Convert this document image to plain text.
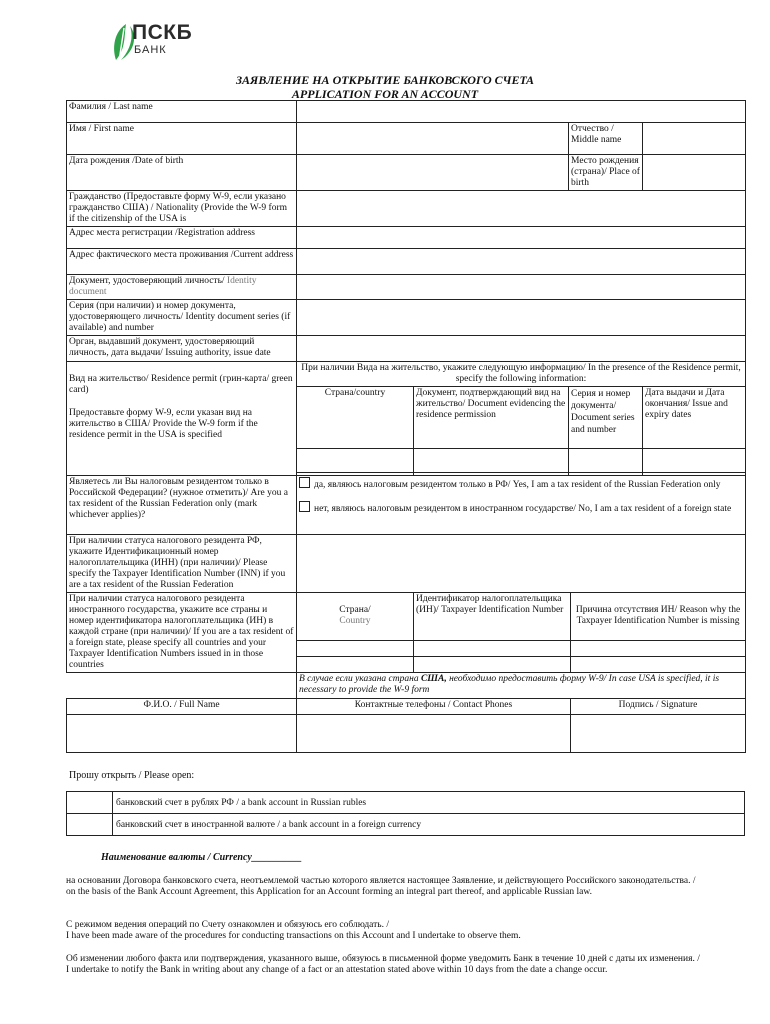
ПСКБ
БАНК
ЗАЯВЛЕНИЕ НА ОТКРЫТИЕ БАНКОВСКОГО СЧЕТА
APPLICATION FOR AN ACCOUNT
Фамилия / Last name					
Имя / First name			Отчество / Middle name		
Дата рождения /Date of birth			Место рождения (страна)/ Place of birth		
Гражданство (Предоставьте форму W-9, если указано гражданство США) / Nationality (Provide the W-9 form if the citizenship of the USA is					
Адрес места регистрации /Registration address					
Адрес фактического места проживания /Current address					
Документ, удостоверяющий личность/ Identity document					
Серия (при наличии) и номер документа, удостоверяющего личность/ Identity document series (if available) and number					
Орган, выдавший документ, удостоверяющий личность, дата выдачи/ Issuing authority, issue date					

Вид на жительство/ Residence permit (грин-карта/ green card)
Предоставьте форму W-9, если указан вид на жительство в США/ Provide the W-9 form if the residence permit in the USA is specified	При наличии Вида на жительство, укажите следующую информацию/ In the presence of the Residence permit, specify the following information:				
	Страна/country	Документ, подтверждающий вид на жительство/ Document evidencing the residence permission	Серия и номер документа/ Document series and number		Дата выдачи и Дата окончания/ Issue and expiry dates

Являетесь ли Вы налоговым резидентом только в Российской Федерации? (нужное отметить)/ Are you a tax resident of the Russian Federation only (mark whichever applies)?	да, являюсь налоговым резидентом только в РФ/ Yes, I am a tax resident of the Russian Federation only
нет, являюсь налоговым резидентом в иностранном государстве/ No, I am a tax resident of a foreign state				

При наличии статуса налогового резидента РФ, укажите Идентификационный номер налогоплательщика (ИНН) (при наличии)/ Please specify the Taxpayer Identification Number (INN) if you are a tax resident of the Russian Federation					
При наличии статуса налогового резидента иностранного государства, укажите все страны и номер идентификатора налогоплательщика (ИН) в каждой стране (при наличии)/ If you are a tax resident of a foreign state, please specify all countries and your Taxpayer Identification Numbers issued in in those countries	Страна/
Country	Идентификатор налогоплательщика (ИН)/ Taxpayer Identification Number		Причина отсутствия ИН/ Reason why the Taxpayer Identification Number is missing	

	В случае если указана страна США, необходимо предоставить форму W-9/ In case USA is specified, it is necessary to provide the W-9 form				
Ф.И.О. / Full Name	Контактные телефоны / Contact Phones			Подпись / Signature	

Прошу открыть / Please open:
	банковский счет в рублях РФ / a bank account in Russian rubles
	банковский счет в иностранной валюте / a bank account in a foreign currency
Наименование валюты / Currency__________
на основании Договора банковского счета, неотъемлемой частью которого является настоящее Заявление, и действующего Российского законодательства. /
on the basis of the Bank Account Agreement, this Application for an Account forming an integral part thereof, and applicable Russian law.
С режимом ведения операций по Счету ознакомлен и обязуюсь его соблюдать. /
I have been made aware of the procedures for conducting transactions on this Account and I undertake to observe them.
Об изменении любого факта или подтверждения, указанного выше, обязуюсь в письменной форме уведомить Банк в течение 10 дней с даты их изменения. /
I undertake to notify the Bank in writing about any change of a fact or an attestation stated above within 10 days from the date a change occur.
